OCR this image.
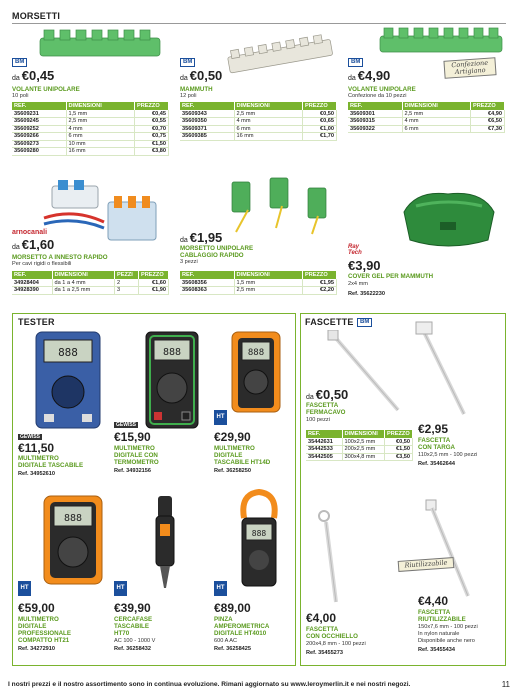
MORSETTI
BM
da €0,45
VOLANTE UNIPOLARE
10 poli
REF.	DIMENSIONI	PREZZO
35609231	1,5 mm	€0,45
35609245	2,5 mm	€0,55
35609252	4 mm	€0,70
35609266	6 mm	€0,75
35609273	10 mm	€1,50
35609280	16 mm	€3,80
BM
da €0,50
MAMMUTH
12 poli
REF.	DIMENSIONI	PREZZO
35609343	2,5 mm	€0,50
35609350	4 mm	€0,65
35609371	6 mm	€1,00
35609385	16 mm	€1,70
Confezione Artigiano
BM
da €4,90
VOLANTE UNIPOLARE
Confezione da 10 pezzi
REF.	DIMENSIONI	PREZZO
35609301	2,5 mm	€4,90
35609315	4 mm	€6,50
35609322	6 mm	€7,30
arnocanali
da €1,60
MORSETTO A INNESTO RAPIDO
Per cavi rigidi o flessibili
REF.	DIMENSIONI	PEZZI	PREZZO
34928404	da 1 a 4 mm	2	€1,60
34928390	da 1 a 2,5 mm	3	€1,90
da €1,95
MORSETTO UNIPOLARE
CABLAGGIO RAPIDO
3 pezzi
REF.	DIMENSIONI	PREZZO
35608356	1,5 mm	€1,95
35608363	2,5 mm	€2,20
Ray
Tech
€3,90
COVER GEL PER MAMMUTH
2x4 mm
Ref. 35622230
TESTER
888
GEWISS
€11,50
MULTIMETRO
DIGITALE TASCABILE
Ref. 34952610
888
GEWISS
€15,90
MULTIMETRO
DIGITALE CON
TERMOMETRO
Ref. 34932156
888
HT
€29,90
MULTIMETRO
DIGITALE
TASCABILE HT14D
Ref. 36258250
888
HT
€59,00
MULTIMETRO
DIGITALE
PROFESSIONALE
COMPATTO HT21
Ref. 34272910
HT
€39,90
CERCAFASE
TASCABILE
HT70
AC 100 - 1000 V
Ref. 36258432
888
HT
€89,00
PINZA
AMPEROMETRICA
DIGITALE HT4010
600 A AC
Ref. 36258425
FASCETTE	BM
da €0,50
FASCETTA
FERMACAVO
100 pezzi
REF.	DIMENSIONI	PREZZO
35442631	100x2,5 mm	€0,50
35442533	200x2,5 mm	€1,50
35442505	300x4,8 mm	€3,50
€2,95
FASCETTA
CON TARGA
110x2,5 mm - 100 pezzi
Ref. 35462644
Riutilizzabile
€4,00
FASCETTA
CON OCCHIELLO
200x4,8 mm - 100 pezzi
Ref. 35455273
€4,40
FASCETTA
RIUTILIZZABILE
150x7,6 mm - 100 pezzi
In nylon naturale
Disponibile anche nero
Ref. 35455434
I nostri prezzi e il nostro assortimento sono in continua evoluzione. Rimani aggiornato su www.leroymerlin.it e nei nostri negozi.	11
